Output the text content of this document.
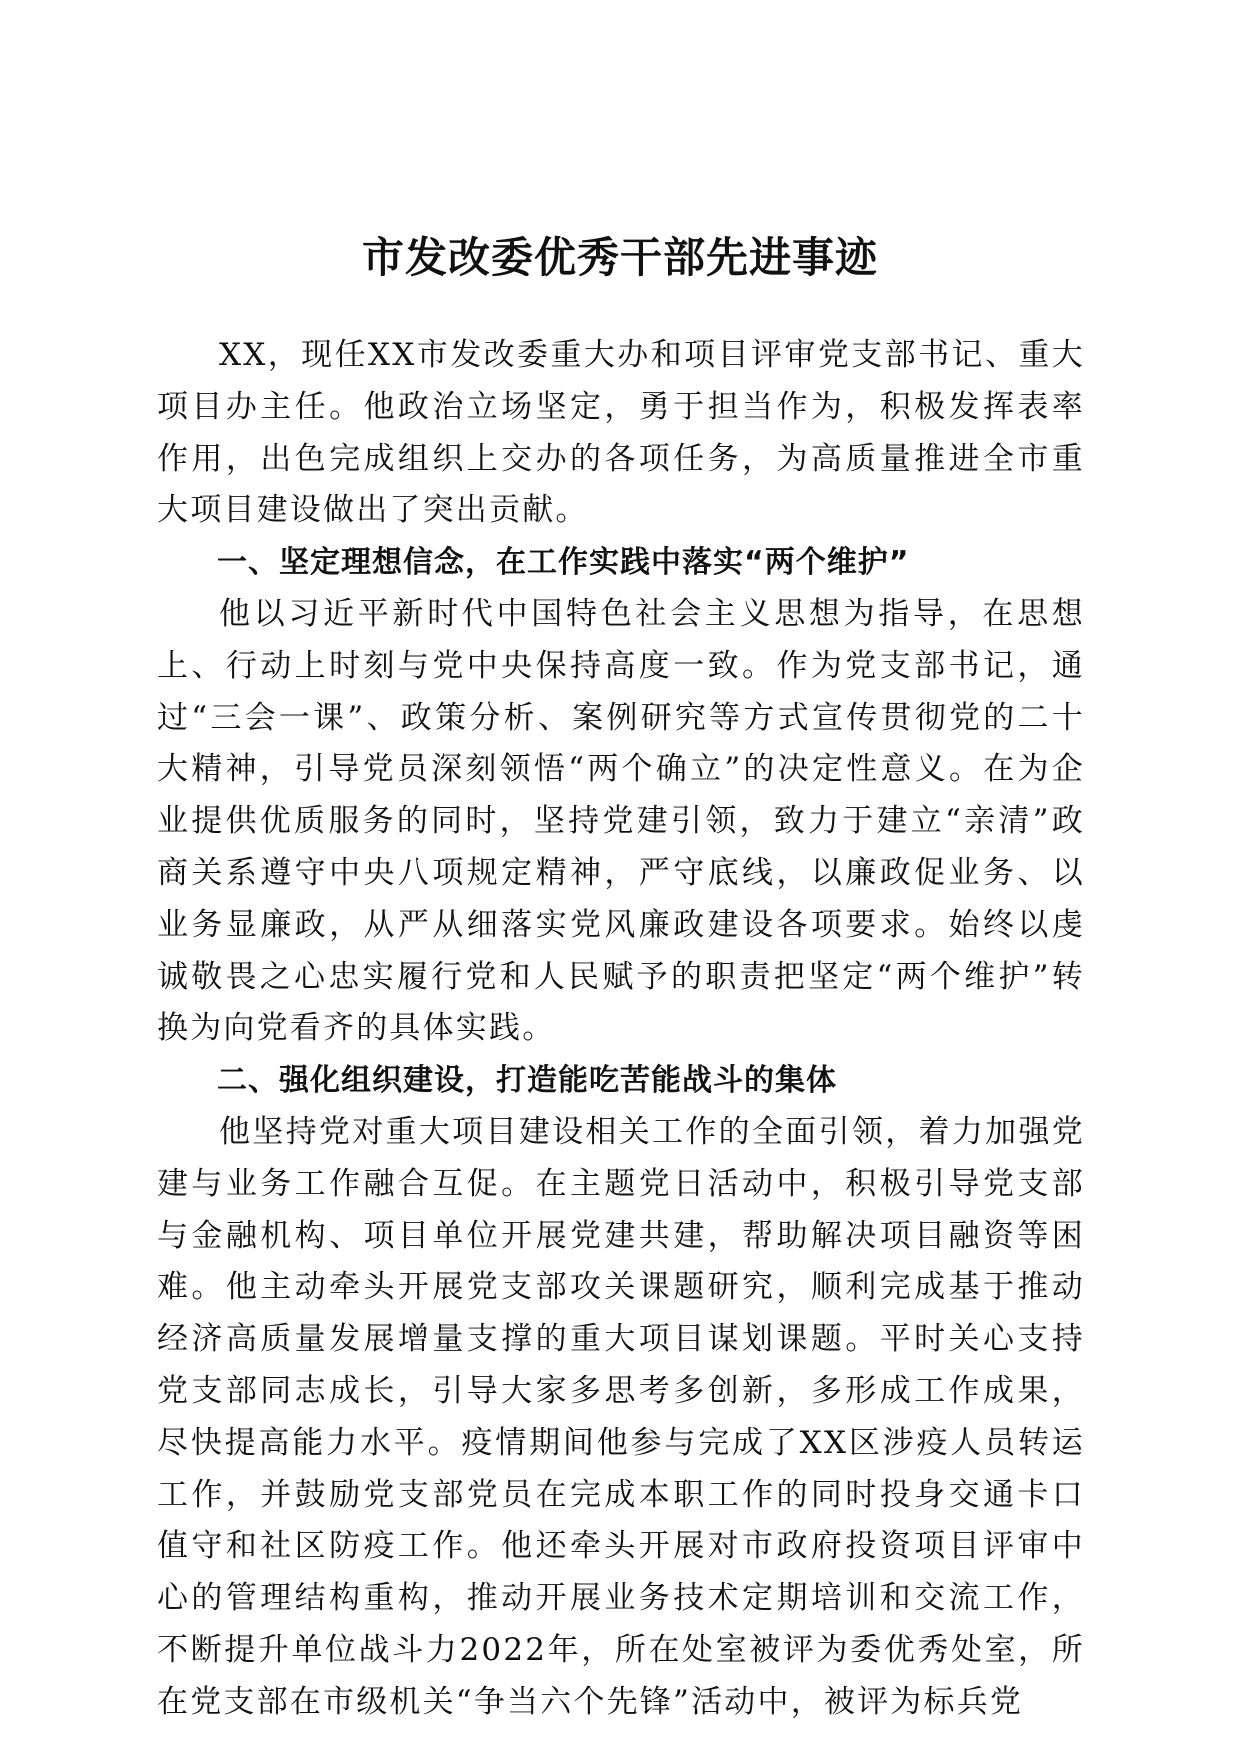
市发改委优秀干部先进事迹

XX，现任XX市发改委重大办和项目评审党支部书记、重大项目办主任。他政治立场坚定，勇于担当作为，积极发挥表率作用，出色完成组织上交办的各项任务，为高质量推进全市重大项目建设做出了突出贡献。

一、坚定理想信念，在工作实践中落实“两个维护”

他以习近平新时代中国特色社会主义思想为指导，在思想上、行动上时刻与党中央保持高度一致。作为党支部书记，通过“三会一课”、政策分析、案例研究等方式宣传贯彻党的二十大精神，引导党员深刻领悟“两个确立”的决定性意义。在为企业提供优质服务的同时，坚持党建引领，致力于建立“亲清”政商关系遵守中央八项规定精神，严守底线，以廉政促业务、以业务显廉政，从严从细落实党风廉政建设各项要求。始终以虔诚敬畏之心忠实履行党和人民赋予的职责把坚定“两个维护”转换为向党看齐的具体实践。

二、强化组织建设，打造能吃苦能战斗的集体

他坚持党对重大项目建设相关工作的全面引领，着力加强党建与业务工作融合互促。在主题党日活动中，积极引导党支部与金融机构、项目单位开展党建共建，帮助解决项目融资等困难。他主动牵头开展党支部攻关课题研究，顺利完成基于推动经济高质量发展增量支撑的重大项目谋划课题。平时关心支持党支部同志成长，引导大家多思考多创新，多形成工作成果，尽快提高能力水平。疫情期间他参与完成了XX区涉疫人员转运工作，并鼓励党支部党员在完成本职工作的同时投身交通卡口值守和社区防疫工作。他还牵头开展对市政府投资项目评审中心的管理结构重构，推动开展业务技术定期培训和交流工作，不断提升单位战斗力2022年，所在处室被评为委优秀处室，所在党支部在市级机关“争当六个先锋”活动中，被评为标兵党
